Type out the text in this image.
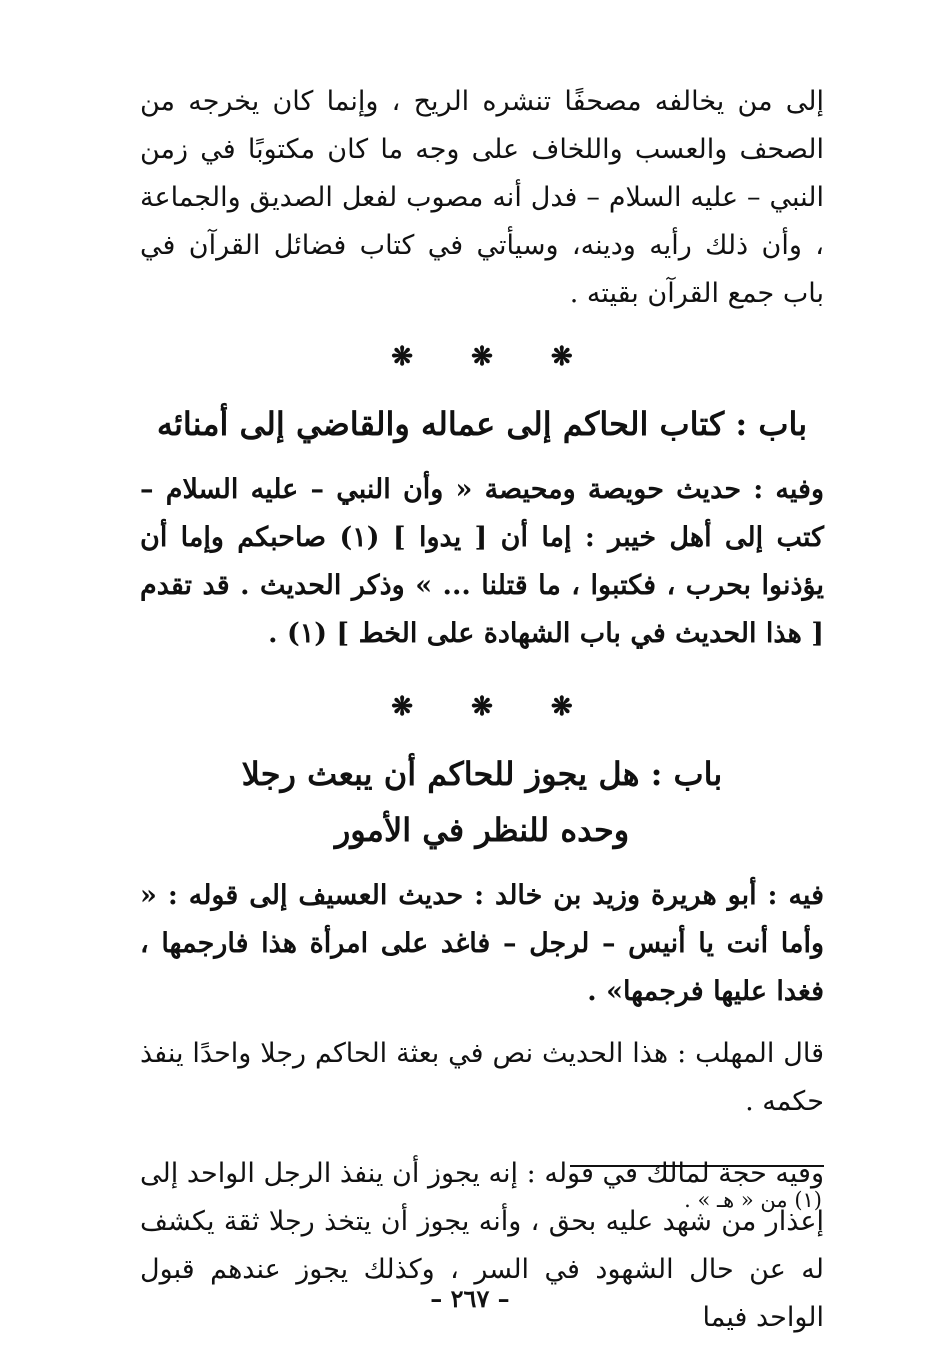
إلى من يخالفه مصحفًا تنشره الريح ، وإنما كان يخرجه من الصحف والعسب واللخاف على وجه ما كان مكتوبًا في زمن النبي – عليه السلام – فدل أنه مصوب لفعل الصديق والجماعة ، وأن ذلك رأيه ودينه، وسيأتي في كتاب فضائل القرآن في باب جمع القرآن بقيته .

❋ ❋ ❋
باب : كتاب الحاكم إلى عماله والقاضي إلى أمنائه

وفيه : حديث حويصة ومحيصة « وأن النبي – عليه السلام – كتب إلى أهل خيبر : إما أن [ يدوا ] (١) صاحبكم وإما أن يؤذنوا بحرب ، فكتبوا ، ما قتلنا ... » وذكر الحديث . قد تقدم [ هذا الحديث في باب الشهادة على الخط ] (١) .

❋ ❋ ❋
باب : هل يجوز للحاكم أن يبعث رجلا
وحده للنظر في الأمور

فيه : أبو هريرة وزيد بن خالد : حديث العسيف إلى قوله : « وأما أنت يا أنيس – لرجل – فاغد على امرأة هذا فارجمها ، فغدا عليها فرجمها» .

قال المهلب : هذا الحديث نص في بعثة الحاكم رجلا واحدًا ينفذ حكمه .

وفيه حجة لمالك في قوله : إنه يجوز أن ينفذ الرجل الواحد إلى إعذار من شهد عليه بحق ، وأنه يجوز أن يتخذ رجلا ثقة يكشف له عن حال الشهود في السر ، وكذلك يجوز عندهم قبول الواحد فيما

(١) من « هـ » .
– ٢٦٧ –
